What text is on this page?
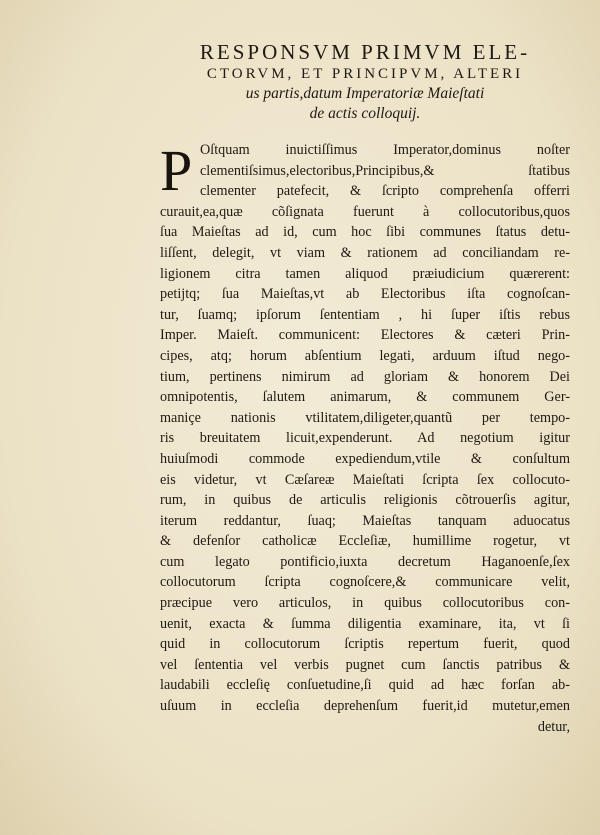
RESPONSVM PRIMVM ELE-
CTORVM, ET PRINCIPVM, ALTERI
us partis,datum Imperatoriæ Maieſtati
de actis colloquij.
P Oſtquam inuictiſſimus Imperator,dominus noſter
clementiſsimus,electoribus,Principibus,& ſtatibus
clementer patefecit, & ſcripto comprehenſa offerri
curauit,ea,quæ cõſignata fuerunt à collocutoribus,quos
ſua Maieſtas ad id, cum hoc ſibi communes ſtatus detu-
liſſent, delegit, vt viam & rationem ad conciliandam re-
ligionem citra tamen aliquod præiudicium quærerent:
petijtq; ſua Maieſtas,vt ab Electoribus iſta cognoſcan-
tur, ſuamq; ipſorum ſententiam , hi ſuper iſtis rebus
Imper. Maieſt. communicent: Electores & cæteri Prin-
cipes, atq; horum abſentium legati, arduum iſtud nego-
tium, pertinens nimirum ad gloriam & honorem Dei
omnipotentis, ſalutem animarum, & communem Ger-
maniçe nationis vtilitatem,diligeter,quantũ per tempo-
ris breuitatem licuit,expenderunt. Ad negotium igitur
huiuſmodi commode expediendum,vtile & conſultum
eis videtur, vt Cæſareæ Maieſtati ſcripta ſex collocuto-
rum, in quibus de articulis religionis cõtrouerſis agitur,
iterum reddantur, ſuaq; Maieſtas tanquam aduocatus
& defenſor catholicæ Eccleſiæ, humillime rogetur, vt
cum legato pontificio,iuxta decretum Haganoenſe,ſex
collocutorum ſcripta cognoſcere,& communicare velit,
præcipue vero articulos, in quibus collocutoribus con-
uenit, exacta & ſumma diligentia examinare, ita, vt ſi
quid in collocutorum ſcriptis repertum fuerit, quod
vel ſententia vel verbis pugnet cum ſanctis patribus &
laudabili eccleſię conſuetudine,ſi quid ad hæc forſan ab-
uſuum in eccleſia deprehenſum fuerit,id mutetur,emen
detur,
